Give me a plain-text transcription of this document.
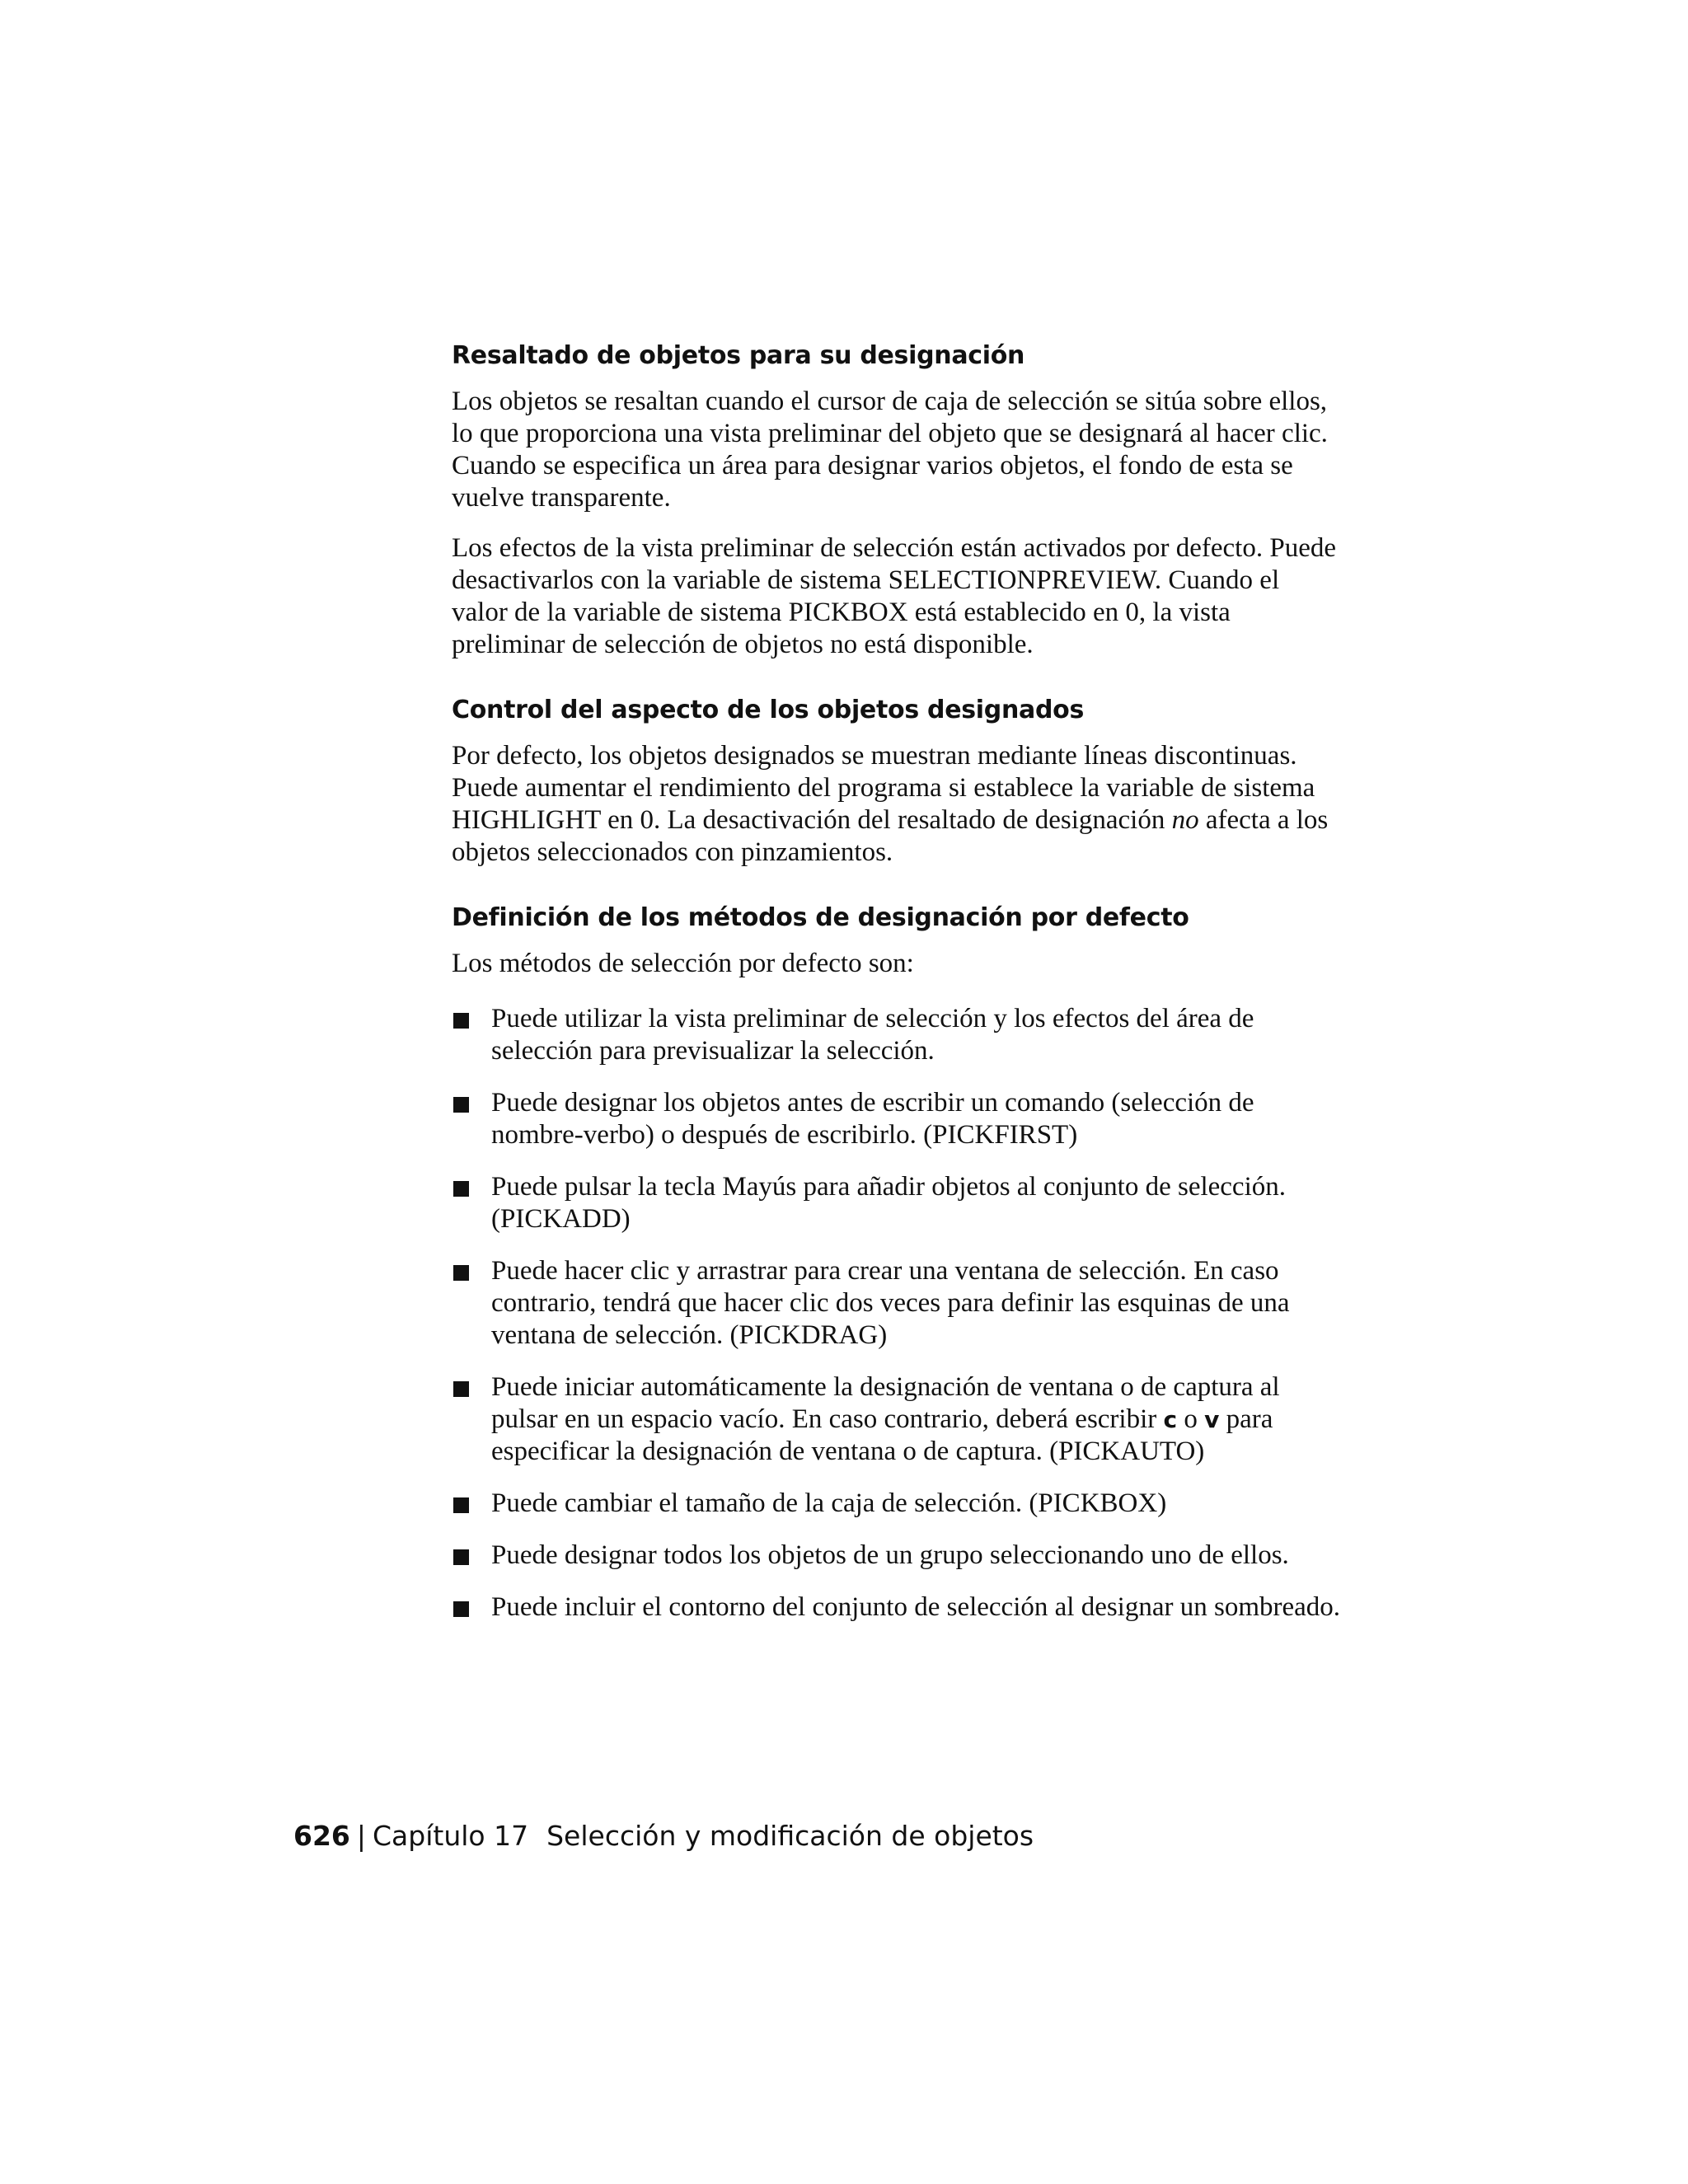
Resaltado de objetos para su designación

Los objetos se resaltan cuando el cursor de caja de selección se sitúa sobre ellos, lo que proporciona una vista preliminar del objeto que se designará al hacer clic. Cuando se especifica un área para designar varios objetos, el fondo de esta se vuelve transparente.

Los efectos de la vista preliminar de selección están activados por defecto. Puede desactivarlos con la variable de sistema SELECTIONPREVIEW. Cuando el valor de la variable de sistema PICKBOX está establecido en 0, la vista preliminar de selección de objetos no está disponible.

Control del aspecto de los objetos designados

Por defecto, los objetos designados se muestran mediante líneas discontinuas. Puede aumentar el rendimiento del programa si establece la variable de sistema HIGHLIGHT en 0. La desactivación del resaltado de designación no afecta a los objetos seleccionados con pinzamientos.

Definición de los métodos de designación por defecto

Los métodos de selección por defecto son:

Puede utilizar la vista preliminar de selección y los efectos del área de selección para previsualizar la selección.
Puede designar los objetos antes de escribir un comando (selección de nombre-verbo) o después de escribirlo. (PICKFIRST)
Puede pulsar la tecla Mayús para añadir objetos al conjunto de selección. (PICKADD)
Puede hacer clic y arrastrar para crear una ventana de selección. En caso contrario, tendrá que hacer clic dos veces para definir las esquinas de una ventana de selección. (PICKDRAG)
Puede iniciar automáticamente la designación de ventana o de captura al pulsar en un espacio vacío. En caso contrario, deberá escribir c o v para especificar la designación de ventana o de captura. (PICKAUTO)
Puede cambiar el tamaño de la caja de selección. (PICKBOX)
Puede designar todos los objetos de un grupo seleccionando uno de ellos.
Puede incluir el contorno del conjunto de selección al designar un sombreado.
626 | Capítulo 17 Selección y modificación de objetos
